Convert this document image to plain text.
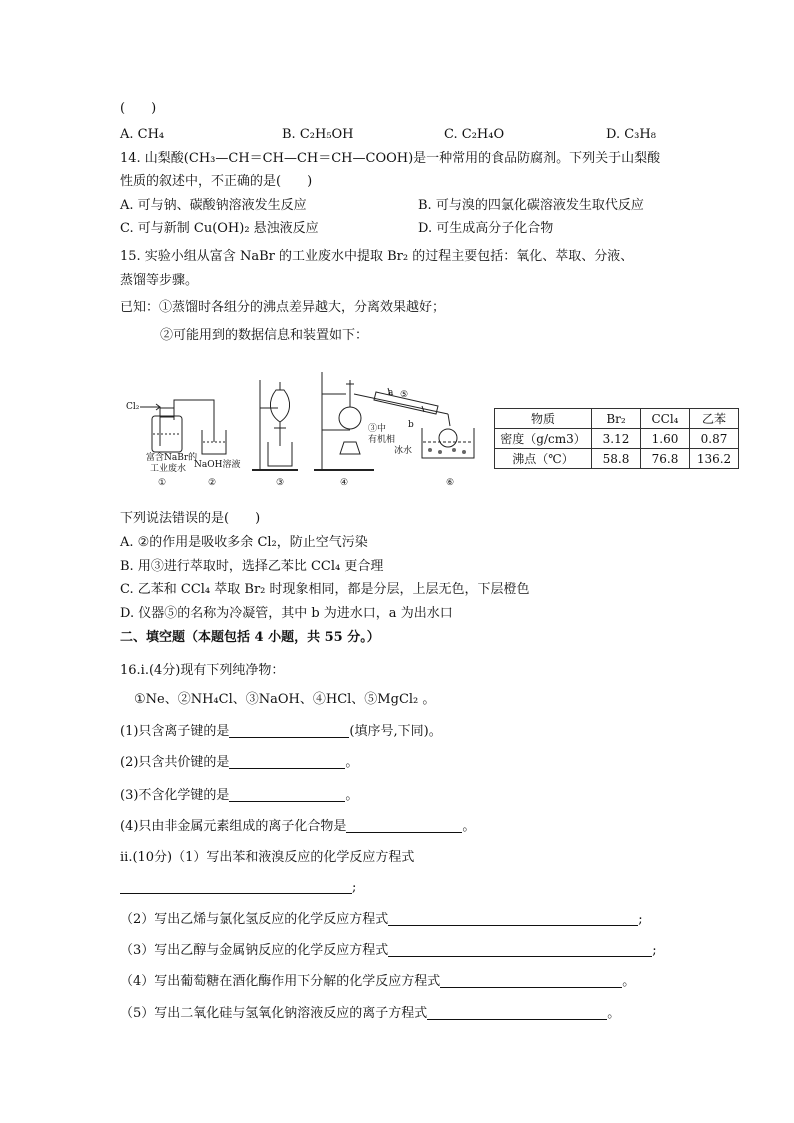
(　　)
A. CH₄	B. C₂H₅OH	C. C₂H₄O	D. C₃H₈
14. 山梨酸(CH₃—CH＝CH—CH＝CH—COOH)是一种常用的食品防腐剂。下列关于山梨酸
性质的叙述中，不正确的是(　　)
A. 可与钠、碳酸钠溶液发生反应	B. 可与溴的四氯化碳溶液发生取代反应
C. 可与新制 Cu(OH)₂ 悬浊液反应	D. 可生成高分子化合物
15. 实验小组从富含 NaBr 的工业废水中提取 Br₂ 的过程主要包括：氧化、萃取、分液、
蒸馏等步骤。
已知：①蒸馏时各组分的沸点差异越大，分离效果越好；
②可能用到的数据信息和装置如下：
Cl₂
富含NaBr的
工业废水 NaOH溶液
①	②	③	④
⑤
⑥
③中
有机相
a
b
冰水
物质	Br₂	CCl₄	乙苯
密度（g/cm3）	3.12	1.60	0.87
沸点（℃）	58.8	76.8	136.2
下列说法错误的是(　　)
A. ②的作用是吸收多余 Cl₂，防止空气污染
B. 用③进行萃取时，选择乙苯比 CCl₄ 更合理
C. 乙苯和 CCl₄ 萃取 Br₂ 时现象相同，都是分层，上层无色，下层橙色
D. 仪器⑤的名称为冷凝管，其中 b 为进水口，a 为出水口
二、填空题（本题包括 4 小题，共 55 分。）
16.i.(4分)现有下列纯净物：
①Ne、②NH₄Cl、③NaOH、④HCl、⑤MgCl₂ 。
(1)只含离子键的是	(填序号,下同)。
(2)只含共价键的是	。
(3)不含化学键的是	。
(4)只由非金属元素组成的离子化合物是	。
ii.(10分)（1）写出苯和液溴反应的化学反应方程式
;
（2）写出乙烯与氯化氢反应的化学反应方程式	;
（3）写出乙醇与金属钠反应的化学反应方程式	;
（4）写出葡萄糖在酒化酶作用下分解的化学反应方程式	。
（5）写出二氧化硅与氢氧化钠溶液反应的离子方程式	。
